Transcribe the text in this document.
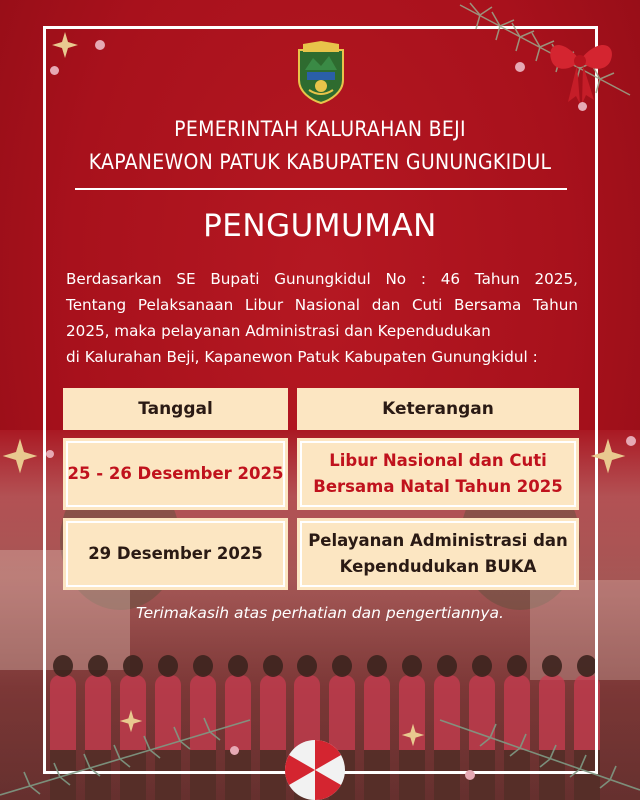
PEMERINTAH KALURAHAN BEJI
KAPANEWON PATUK KABUPATEN GUNUNGKIDUL
PENGUMUMAN
Berdasarkan SE Bupati Gunungkidul No : 46 Tahun 2025,
Tentang Pelaksanaan Libur Nasional dan Cuti Bersama Tahun
2025, maka pelayanan Administrasi dan Kependudukan
di Kalurahan Beji, Kapanewon Patuk Kabupaten Gunungkidul :
Tanggal	Keterangan
25 - 26 Desember 2025
Libur Nasional dan Cuti
Bersama Natal Tahun 2025
29 Desember 2025
Pelayanan Administrasi dan
Kependudukan BUKA
Terimakasih atas perhatian dan pengertiannya.
